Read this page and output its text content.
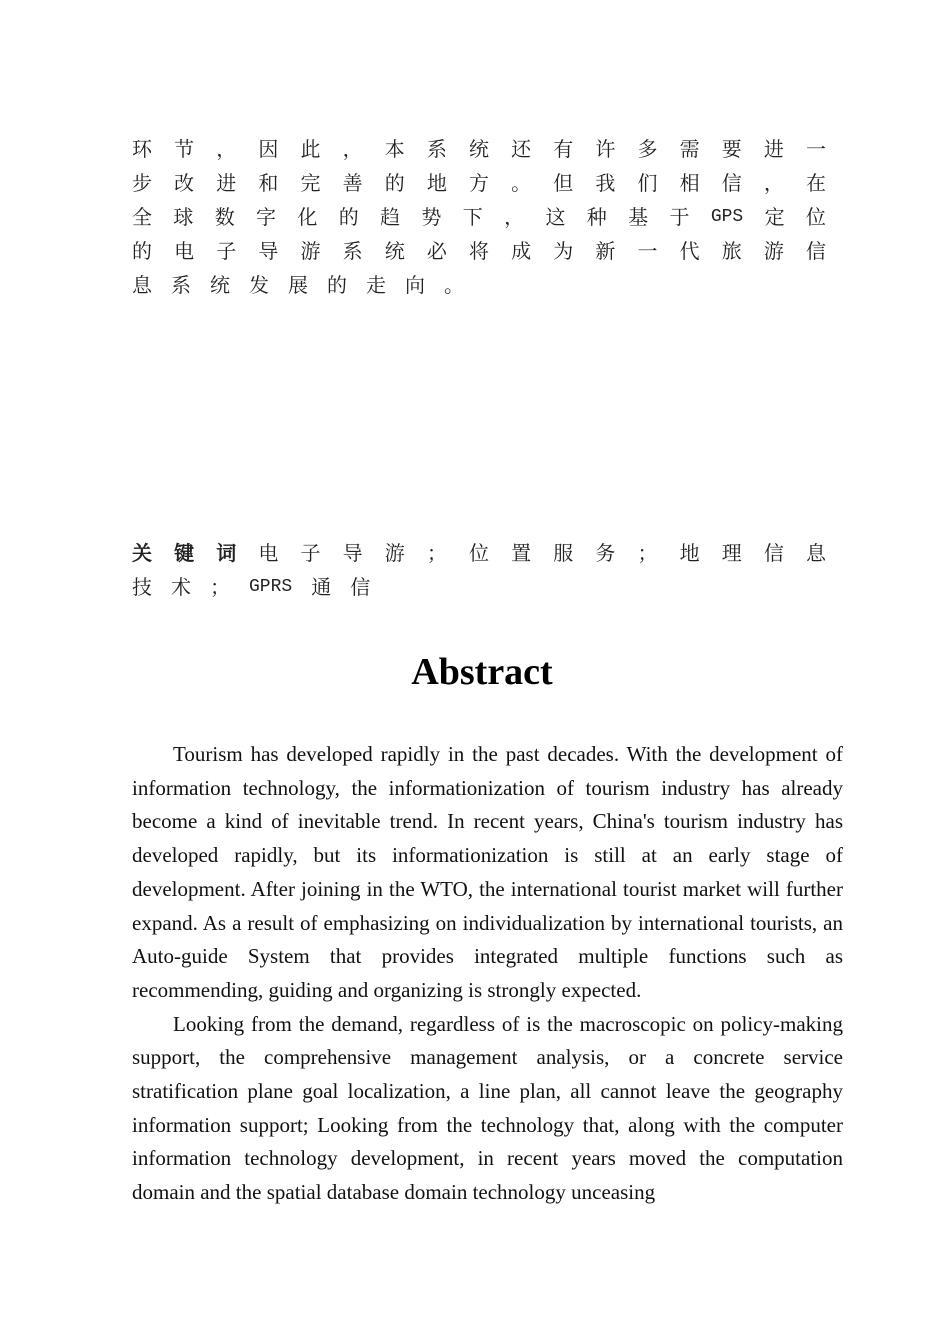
环 节 ， 因 此 ， 本 系 统 还 有 许 多 需 要 进 一
步 改 进 和 完 善 的 地 方 。 但 我 们 相 信 ， 在
全 球 数 字 化 的 趋 势 下 ， 这 种 基 于 GPS 定 位
的 电 子 导 游 系 统 必 将 成 为 新 一 代 旅 游 信
息 系 统 发 展 的 走 向 。
关 键 词 电 子 导 游 ； 位 置 服 务 ； 地 理 信 息
技 术 ； GPRS 通 信
Abstract

Tourism has developed rapidly in the past decades. With the development of information technology, the informationization of tourism industry has already become a kind of inevitable trend. In recent years, China's tourism industry has developed rapidly, but its informationization is still at an early stage of development. After joining in the WTO, the international tourist market will further expand. As a result of emphasizing on individualization by international tourists, an Auto-guide System that provides integrated multiple functions such as recommending, guiding and organizing is strongly expected.

Looking from the demand, regardless of is the macroscopic on policy-making support, the comprehensive management analysis, or a concrete service stratification plane goal localization, a line plan, all cannot leave the geography information support; Looking from the technology that, along with the computer information technology development, in recent years moved the computation domain and the spatial database domain technology unceasing
